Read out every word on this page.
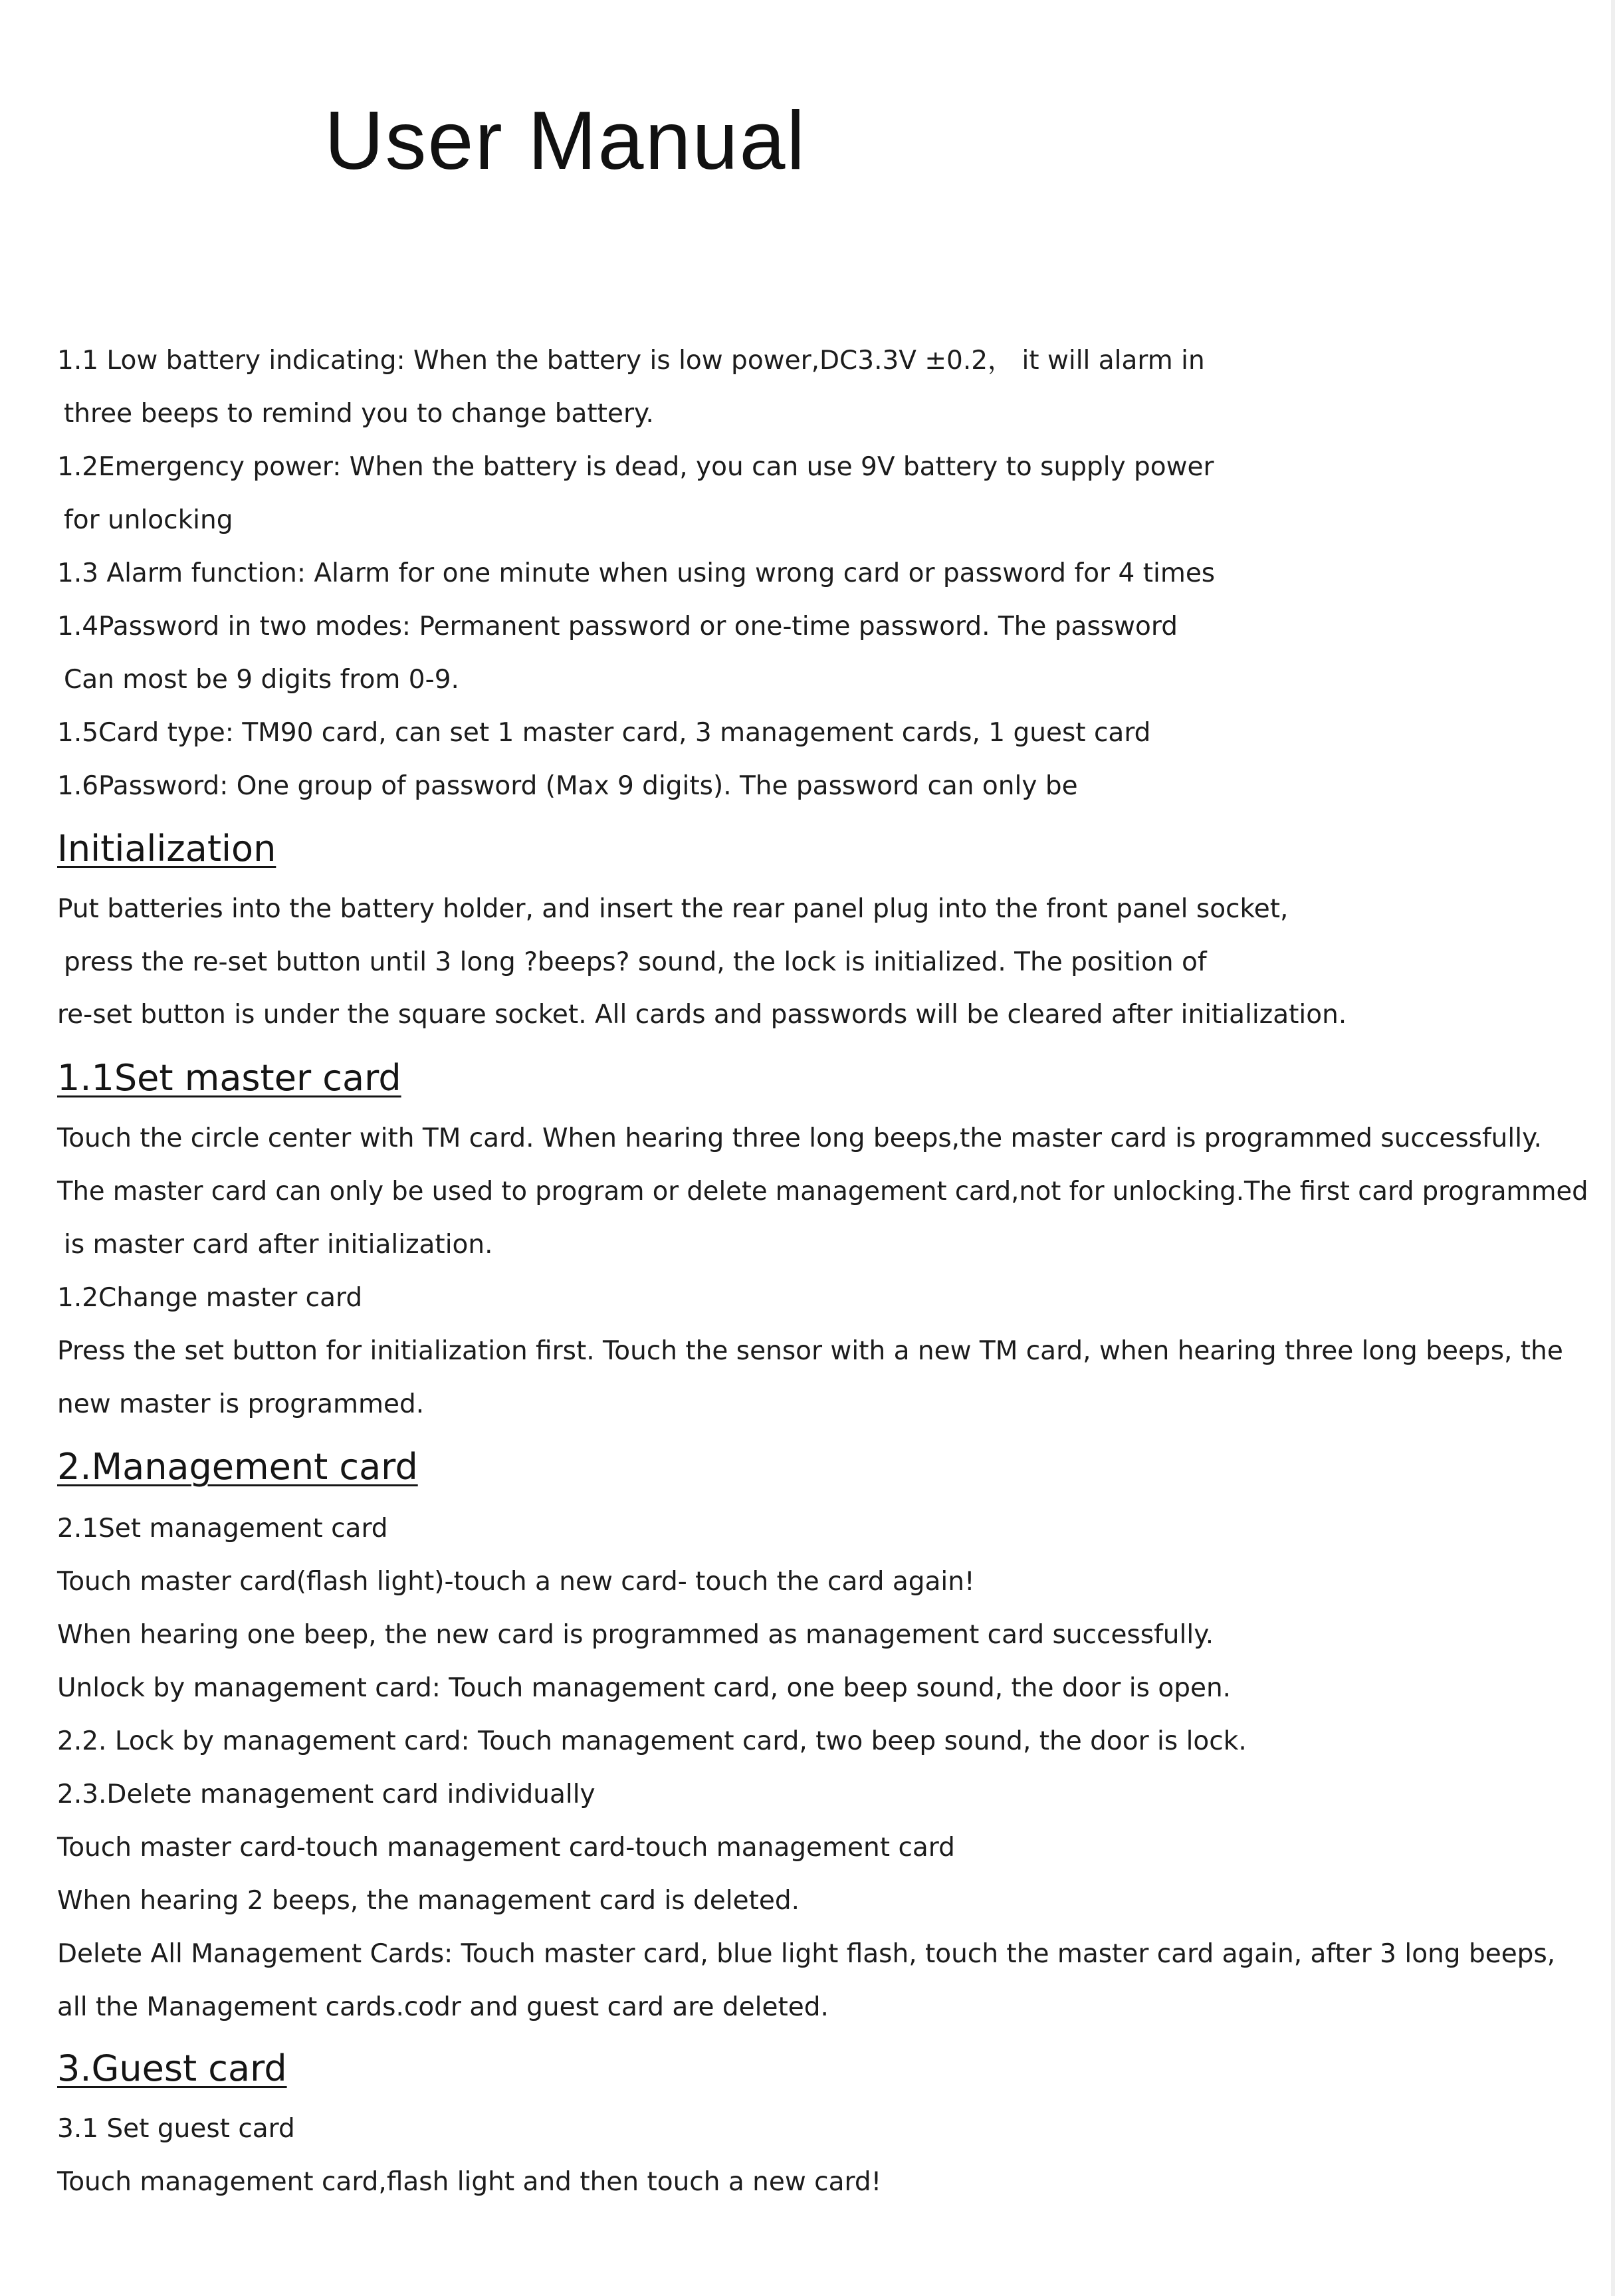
User Manual

1.1 Low battery indicating: When the battery is low power,DC3.3V ±0.2， it will alarm in

three beeps to remind you to change battery.

1.2Emergency power: When the battery is dead, you can use 9V battery to supply power

for unlocking

1.3 Alarm function: Alarm for one minute when using wrong card or password for 4 times

1.4Password in two modes: Permanent password or one-time password. The password

Can most be 9 digits from 0-9.

1.5Card type: TM90 card, can set 1 master card, 3 management cards, 1 guest card

1.6Password: One group of password (Max 9 digits). The password can only be

Initialization

Put batteries into the battery holder, and insert the rear panel plug into the front panel socket,

press the re-set button until 3 long ?beeps? sound, the lock is initialized. The position of

re-set button is under the square socket. All cards and passwords will be cleared after initialization.

1.1Set master card

Touch the circle center with TM card. When hearing three long beeps,the master card is programmed successfully.

The master card can only be used to program or delete management card,not for unlocking.The first card programmed

is master card after initialization.

1.2Change master card

Press the set button for initialization first. Touch the sensor with a new TM card, when hearing three long beeps, the

new master is programmed.

2.Management card

2.1Set management card

Touch master card(flash light)-touch a new card- touch the card again!

When hearing one beep, the new card is programmed as management card successfully.

Unlock by management card: Touch management card, one beep sound, the door is open.

2.2. Lock by management card: Touch management card, two beep sound, the door is lock.

2.3.Delete management card individually

Touch master card-touch management card-touch management card

When hearing 2 beeps, the management card is deleted.

Delete All Management Cards: Touch master card, blue light flash, touch the master card again, after 3 long beeps,

all the Management cards.codr and guest card are deleted.

3.Guest card

3.1 Set guest card

Touch management card,flash light and then touch a new card!
